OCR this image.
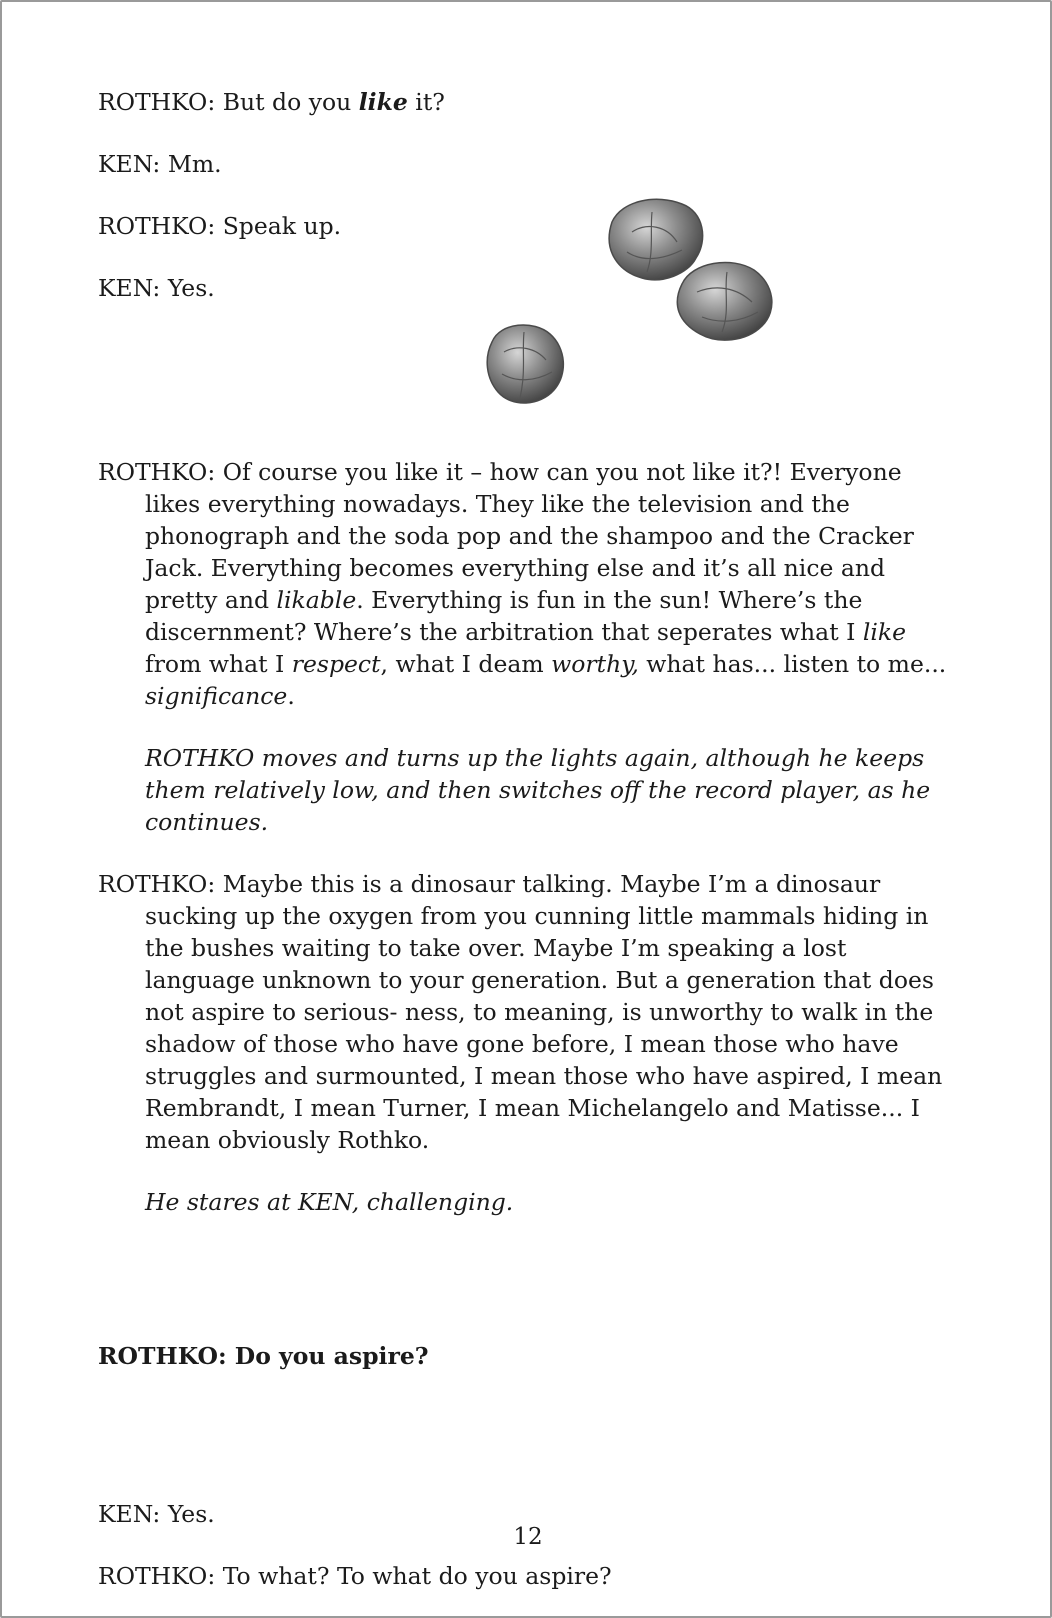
ROTHKO: But do you like it?

KEN: Mm.

ROTHKO: Speak up.

KEN: Yes.

ROTHKO: Of course you like it – how can you not like it?! Everyone likes everything nowadays. They like the television and the phonograph and the soda pop and the shampoo and the Cracker Jack. Everything becomes everything else and it’s all nice and pretty and likable. Everything is fun in the sun! Where’s the discernment? Where’s the arbitration that seperates what I like from what I respect, what I deam worthy, what has... listen to me... significance.

ROTHKO moves and turns up the lights again, although he keeps them relatively low, and then switches off the record player, as he continues.

ROTHKO: Maybe this is a dinosaur talking. Maybe I’m a dinosaur sucking up the oxygen from you cunning little mammals hiding in the bushes waiting to take over. Maybe I’m speaking a lost language unknown to your generation. But a generation that does not aspire to serious- ness, to meaning, is unworthy to walk in the shadow of those who have gone before, I mean those who have struggles and surmounted, I mean those who have aspired, I mean Rembrandt, I mean Turner, I mean Michelangelo and Matisse... I mean obviously Rothko.

He stares at KEN, challenging.

ROTHKO: Do you aspire?

KEN: Yes.

ROTHKO: To what? To what do you aspire?

12
